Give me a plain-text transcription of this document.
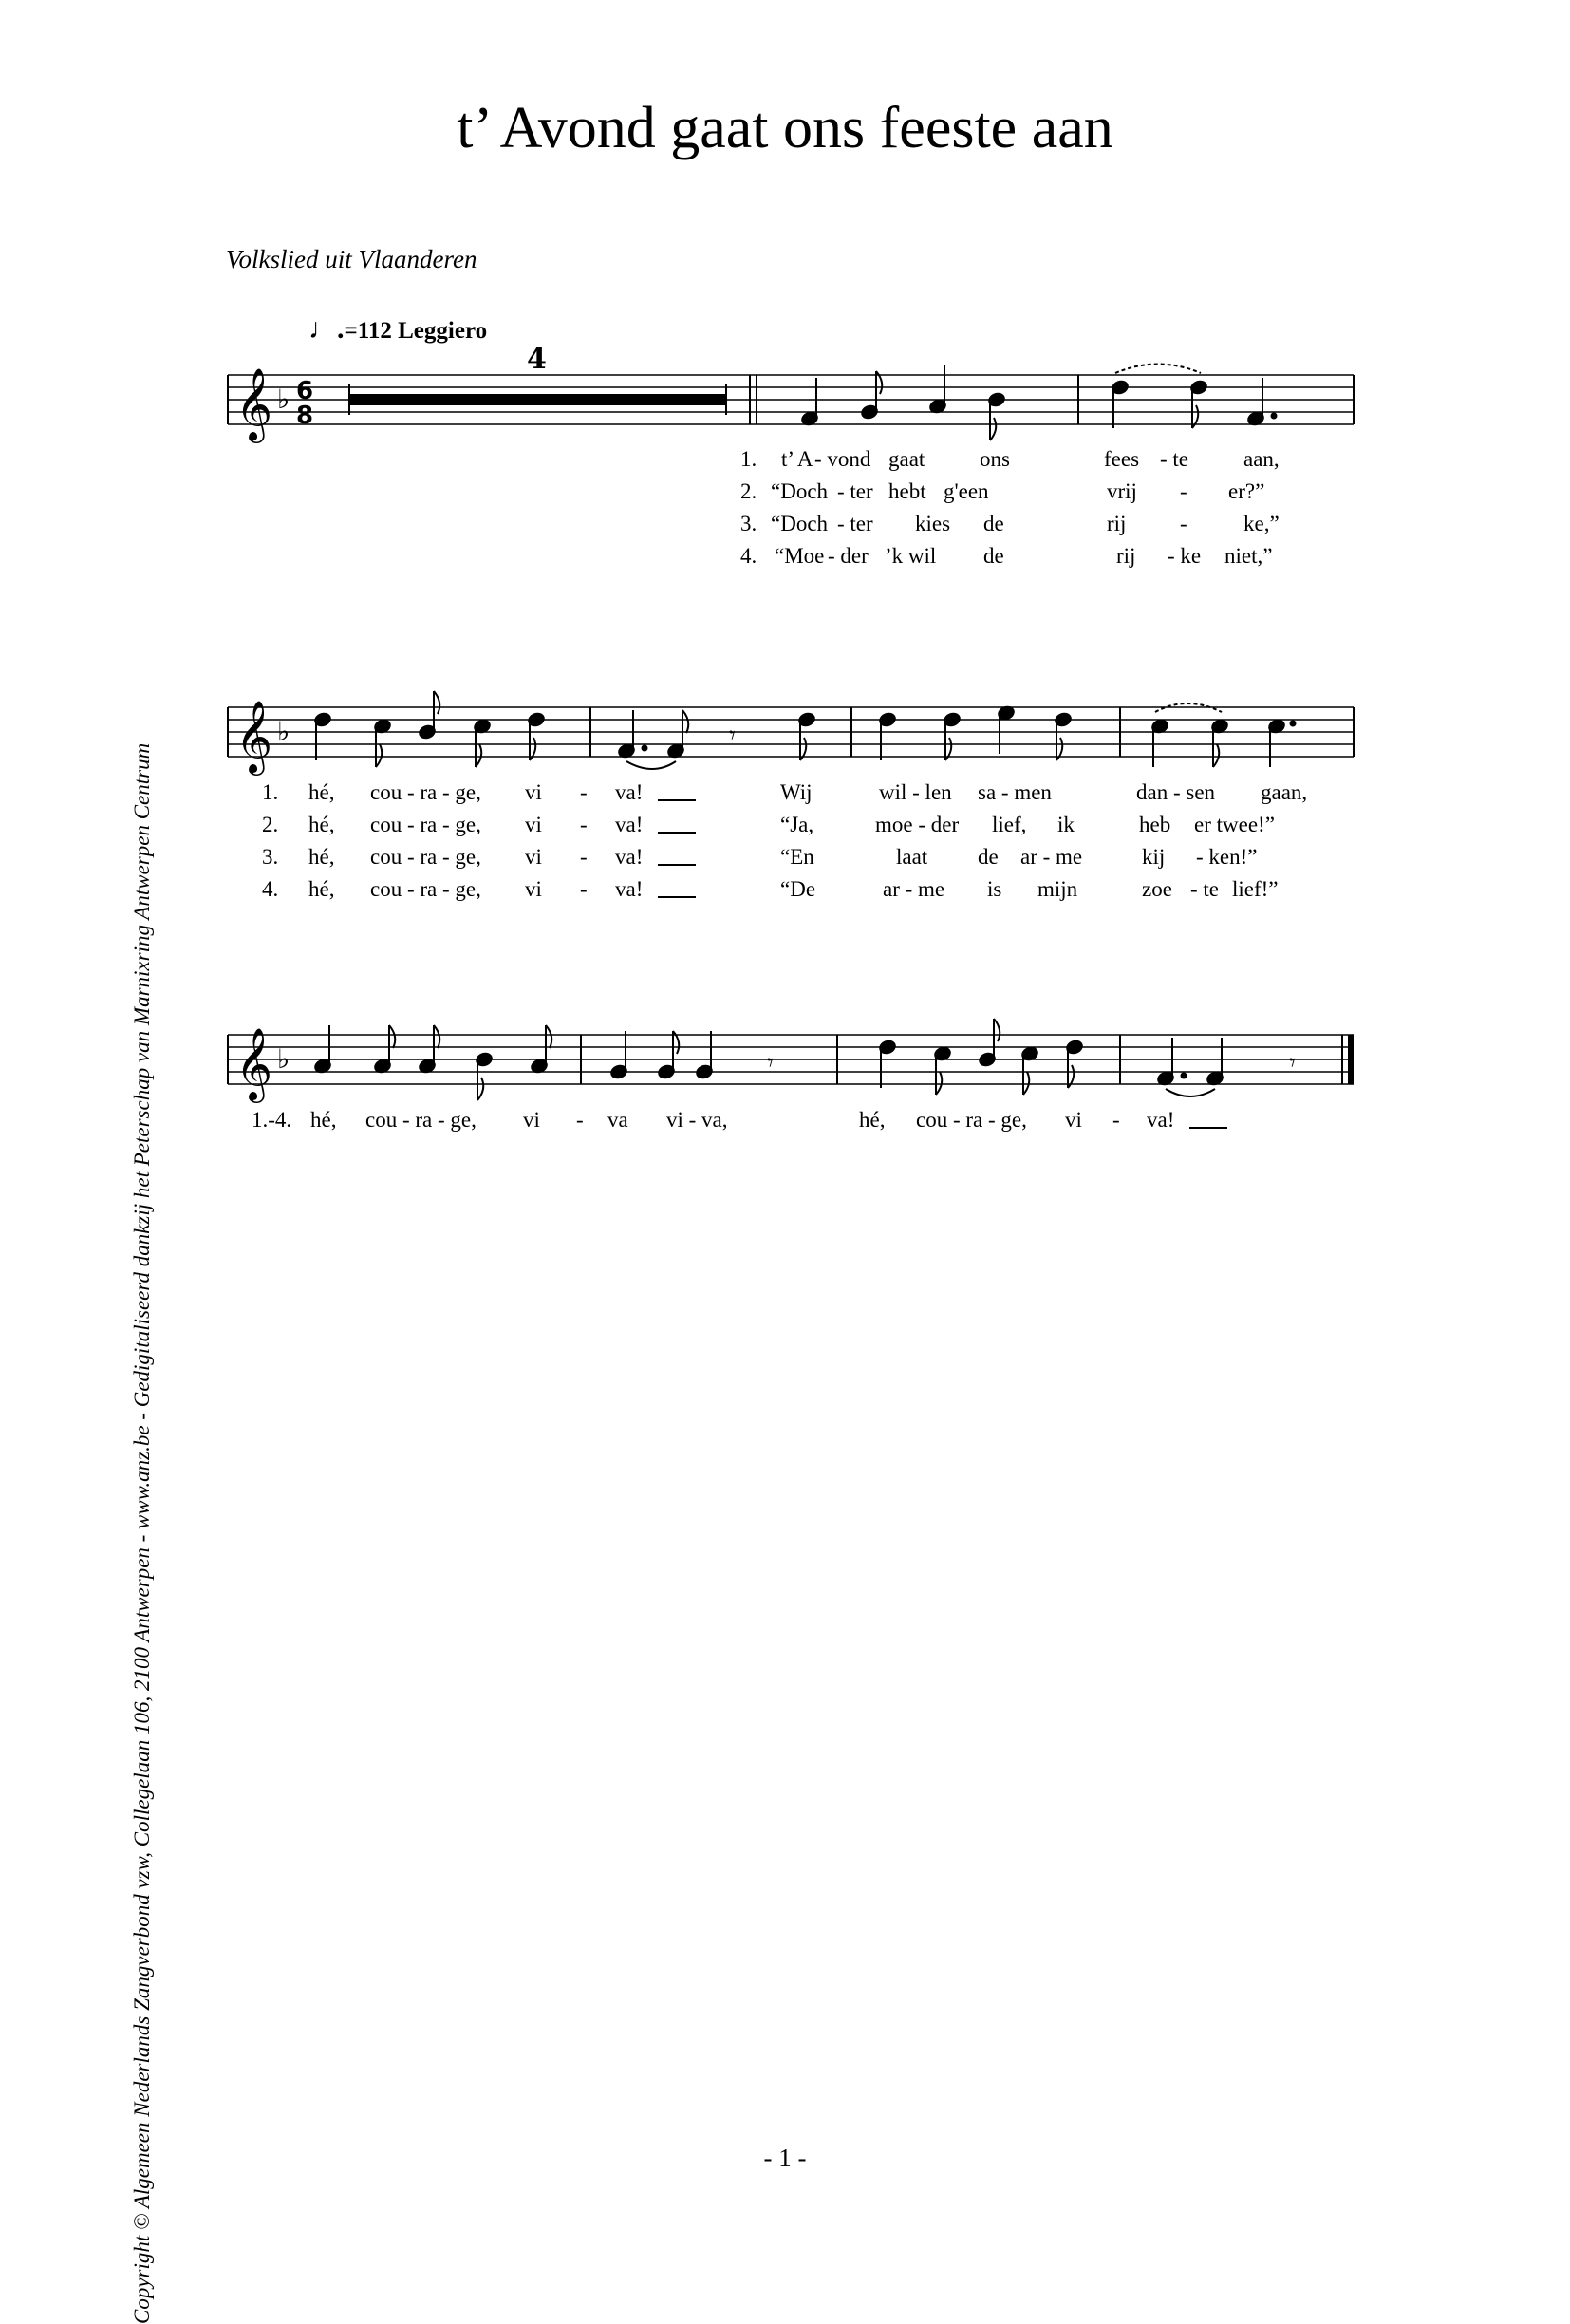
t’ Avond gaat ons feeste aan
Volkslied uit Vlaanderen
♩.=112 Leggiero
𝄞 ♭ 6
8
4
1. t’ A - vond gaat	ons	fees - te	aan,
2. “Doch - ter hebt g'een	vrij - er?”
3. “Doch - ter kies de	rij -	ke,”
4. “Moe - der ’k wil de	rij - ke niet,”
𝄞 ♭	𝄾
1. hé, cou - ra - ge, vi - va!	Wij	wil - len sa - men	dan - sen gaan,
2. hé, cou - ra - ge, vi - va!	“Ja,	moe - der lief, ik	heb er twee!”
3. hé, cou - ra - ge, vi - va!	“En	laat de ar - me	kij - ken!”
4. hé, cou - ra - ge, vi - va!	“De	ar - me is mijn	zoe - te lief!”
𝄞 ♭	𝄾	𝄾
1.-4. hé, cou - ra - ge, vi - va vi - va,	hé, cou - ra - ge, vi - va!
Copyright © Algemeen Nederlands Zangverbond vzw, Collegelaan 106, 2100 Antwerpen - www.anz.be - Gedigitaliseerd dankzij het Peterschap van Marnixring Antwerpen Centrum	- 1 -
